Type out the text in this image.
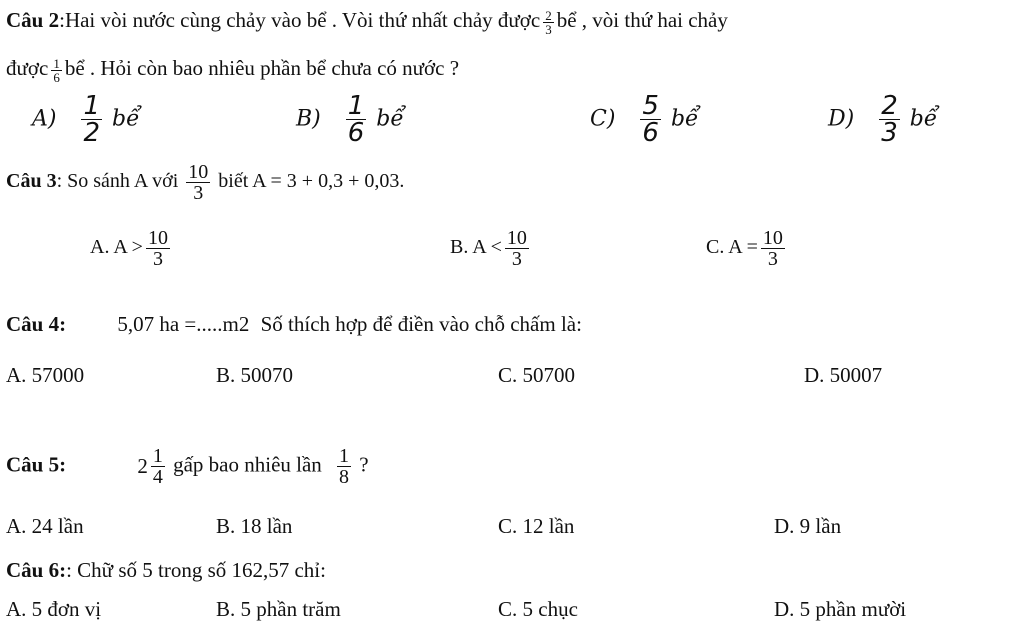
Câu 2:Hai vòi nước cùng chảy vào bể . Vòi thứ nhất chảy được $\frac{2}{3}$ bể , vòi thứ hai chảy
được $\frac{1}{6}$ bể . Hỏi còn bao nhiêu phần bể chưa có nước ?
$A) \frac{1}{2}$ bể	$B) \frac{1}{6}$ bể	$C) \frac{5}{6}$ bể	$D) \frac{2}{3}$ bể
Câu 3: So sánh A với $\frac{10}{3}$ biết A = 3 + 0,3 + 0,03.
A. $A > \frac{10}{3}$	B. $A < \frac{10}{3}$	C. $A = \frac{10}{3}$
Câu 4: 5,07 ha =.....m2 Số thích hợp để điền vào chỗ chấm là:
A. 57000	B. 50070	C. 50700	D. 50007
Câu 5:	$2 \frac{1}{4}$ gấp bao nhiêu lần $\frac{1}{8}$ ?
A. 24 lần	B. 18 lần	C. 12 lần	D. 9 lần
Câu 6:: Chữ số 5 trong số 162,57 chỉ:
A. 5 đơn vị	B. 5 phần trăm	C. 5 chục	D. 5 phần mười
